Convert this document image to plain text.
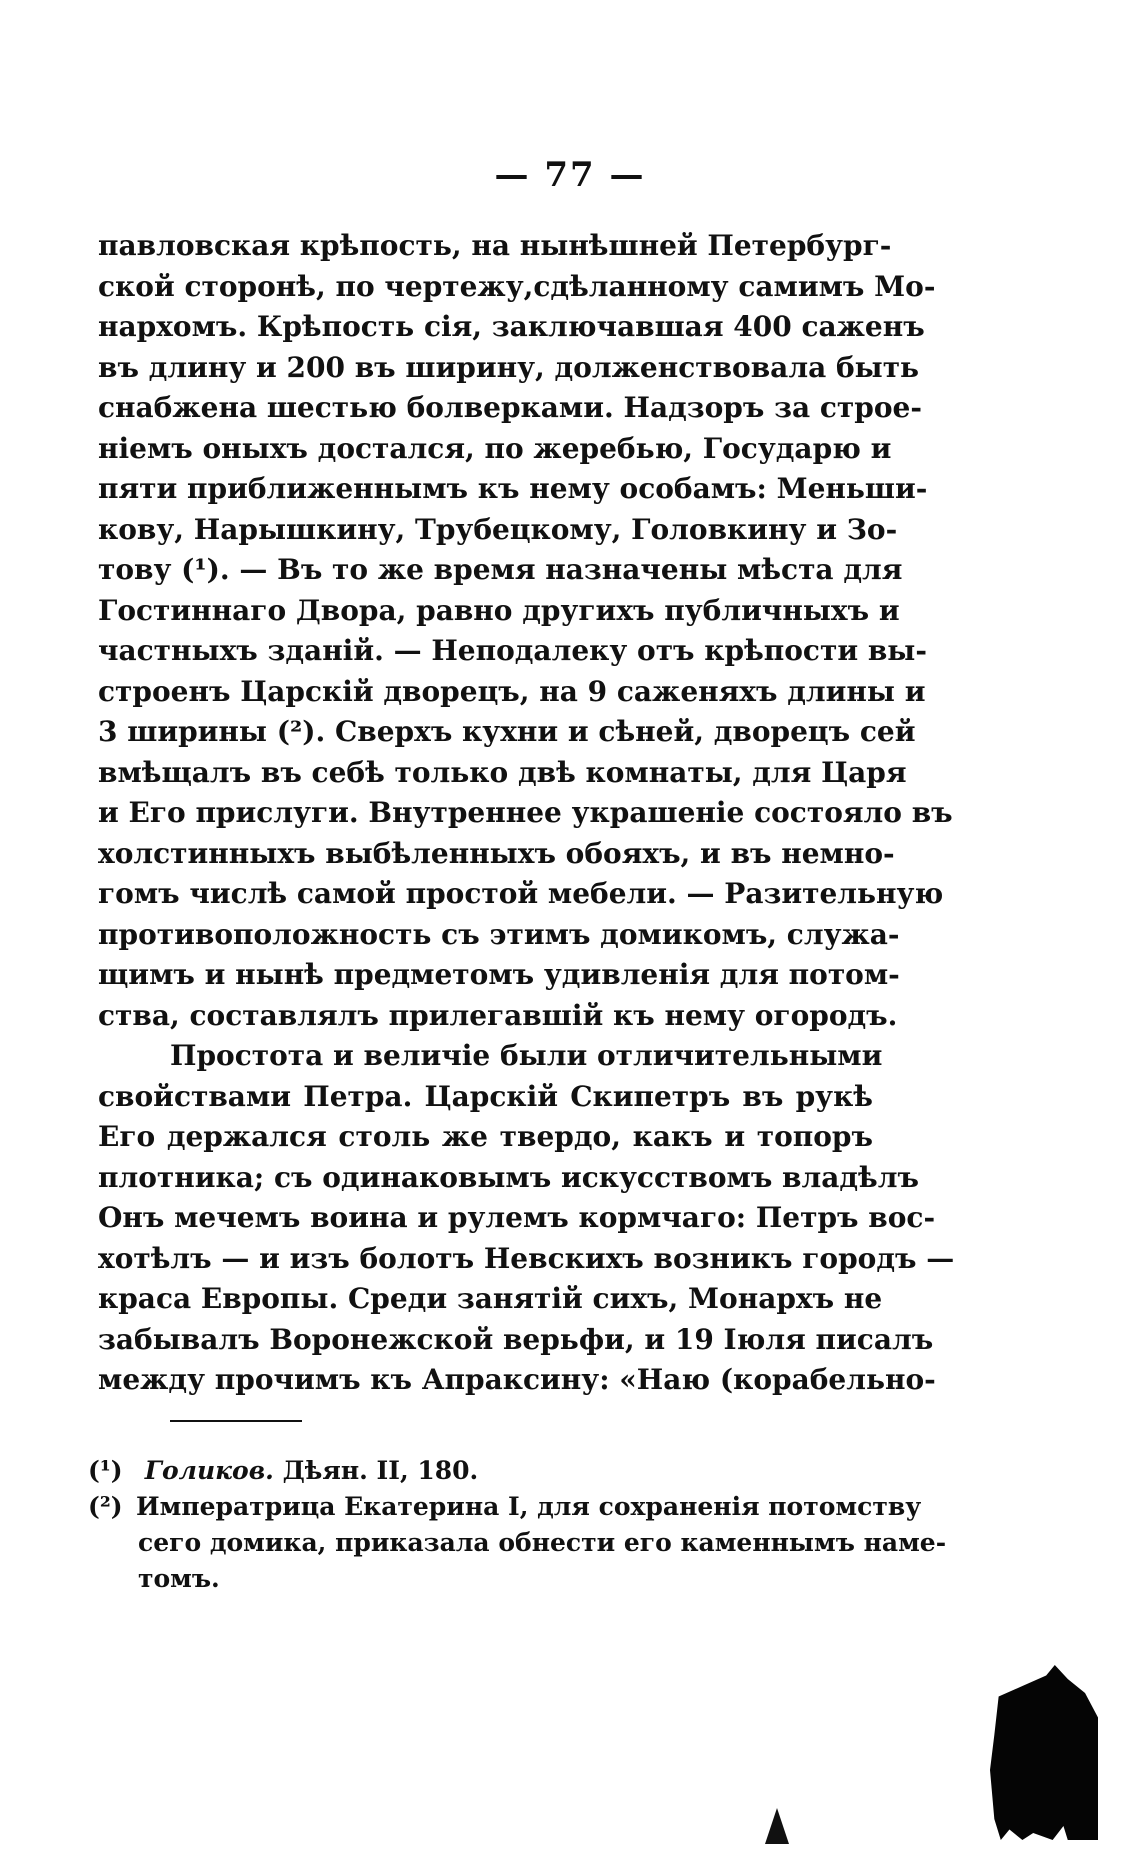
— 77 —
павловская крѣпость, на нынѣшней Петербург-
ской сторонѣ, по чертежу,сдѣланному самимъ Мо-
нархомъ. Крѣпость сія, заключавшая 400 саженъ
въ длину и 200 въ ширину, долженствовала быть
снабжена шестью болверками. Надзоръ за строе-
ніемъ оныхъ достался, по жеребью, Государю и
пяти приближеннымъ къ нему особамъ: Меньши-
кову, Нарышкину, Трубецкому, Головкину и Зо-
тову (¹). — Въ то же время назначены мѣста для
Гостиннаго Двора, равно другихъ публичныхъ и
частныхъ зданій. — Неподалеку отъ крѣпости вы-
строенъ Царскій дворецъ, на 9 саженяхъ длины и
3 ширины (²). Сверхъ кухни и сѣней, дворецъ сей
вмѣщалъ въ себѣ только двѣ комнаты, для Царя
и Его прислуги. Внутреннее украшеніе состояло въ
холстинныхъ выбѣленныхъ обояхъ, и въ немно-
гомъ числѣ самой простой мебели. — Разительную
противоположность съ этимъ домикомъ, служа-
щимъ и нынѣ предметомъ удивленія для потом-
ства, составлялъ прилегавшій къ нему огородъ.
Простота и величіе были отличительными
свойствами Петра. Царскій Скипетръ въ рукѣ
Его держался столь же твердо, какъ и топоръ
плотника; съ одинаковымъ искусствомъ владѣлъ
Онъ мечемъ воина и рулемъ кормчаго: Петръ вос-
хотѣлъ — и изъ болотъ Невскихъ возникъ городъ —
краса Европы. Среди занятій сихъ, Монархъ не
забывалъ Воронежской верьфи, и 19 Іюля писалъ
между прочимъ къ Апраксину: «Наю (корабельно-
(¹) Голиков. Дѣян. II, 180.
(²) Императрица Екатерина I, для сохраненія потомству
сего домика, приказала обнести его каменнымъ наме-
томъ.
